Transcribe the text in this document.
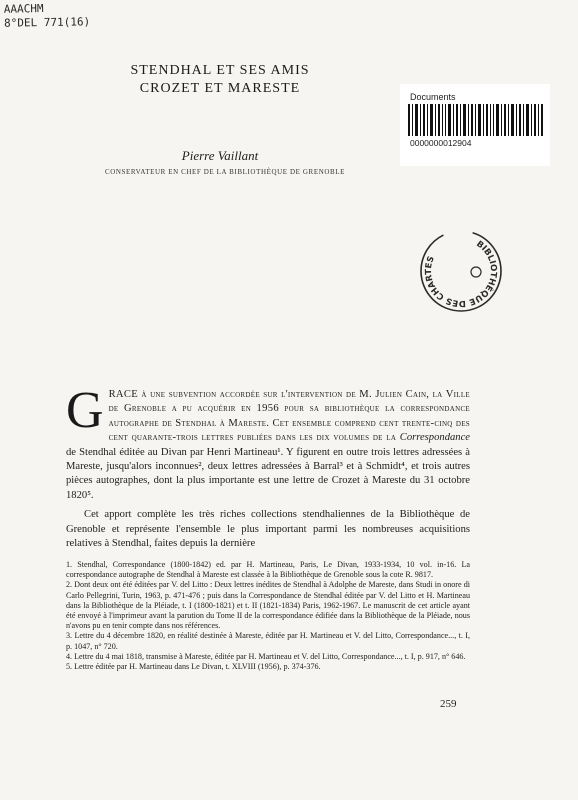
AAACHM
8°DEL 771(16)
STENDHAL ET SES AMIS
CROZET ET MARESTE
Documents
0000000012904
Pierre Vaillant
CONSERVATEUR EN CHEF DE LA BIBLIOTHÈQUE DE GRENOBLE
BIBLIOTHÈQUE DES CHARTES

GRACE à une subvention accordée sur l'intervention de M. Julien Cain, la Ville de Grenoble a pu acquérir en 1956 pour sa bibliothèque la correspondance autographe de Stendhal à Mareste. Cet ensemble comprend cent trente-cinq des cent quarante-trois lettres publiées dans les dix volumes de la Correspondance de Stendhal éditée au Divan par Henri Martineau¹. Y figurent en outre trois lettres adressées à Mareste, jusqu'alors inconnues², deux lettres adressées à Barral³ et à Schmidt⁴, et trois autres pièces autographes, dont la plus importante est une lettre de Crozet à Mareste du 31 octobre 1820⁵.

Cet apport complète les très riches collections stendhaliennes de la Bibliothèque de Grenoble et représente l'ensemble le plus important parmi les nombreuses acquisitions relatives à Stendhal, faites depuis la dernière

1. Stendhal, Correspondance (1800-1842) ed. par H. Martineau, Paris, Le Divan, 1933-1934, 10 vol. in-16. La correspondance autographe de Stendhal à Mareste est classée à la Bibliothèque de Grenoble sous la cote R. 9817.

2. Dont deux ont été éditées par V. del Litto : Deux lettres inédites de Stendhal à Adolphe de Mareste, dans Studi in onore di Carlo Pellegrini, Turin, 1963, p. 471-476 ; puis dans la Correspondance de Stendhal éditée par V. del Litto et H. Martineau dans la Bibliothèque de la Pléiade, t. I (1800-1821) et t. II (1821-1834) Paris, 1962-1967. Le manuscrit de cet article ayant été envoyé à l'imprimeur avant la parution du Tome II de la correspondance édifiée dans la Bibliothèque de la Pléiade, nous n'avons pu en tenir compte dans nos références.

3. Lettre du 4 décembre 1820, en réalité destinée à Mareste, éditée par H. Martineau et V. del Litto, Correspondance..., t. I, p. 1047, n° 720.

4. Lettre du 4 mai 1818, transmise à Mareste, éditée par H. Martineau et V. del Litto, Correspondance..., t. I, p. 917, n° 646.

5. Lettre éditée par H. Martineau dans Le Divan, t. XLVIII (1956), p. 374-376.

259
